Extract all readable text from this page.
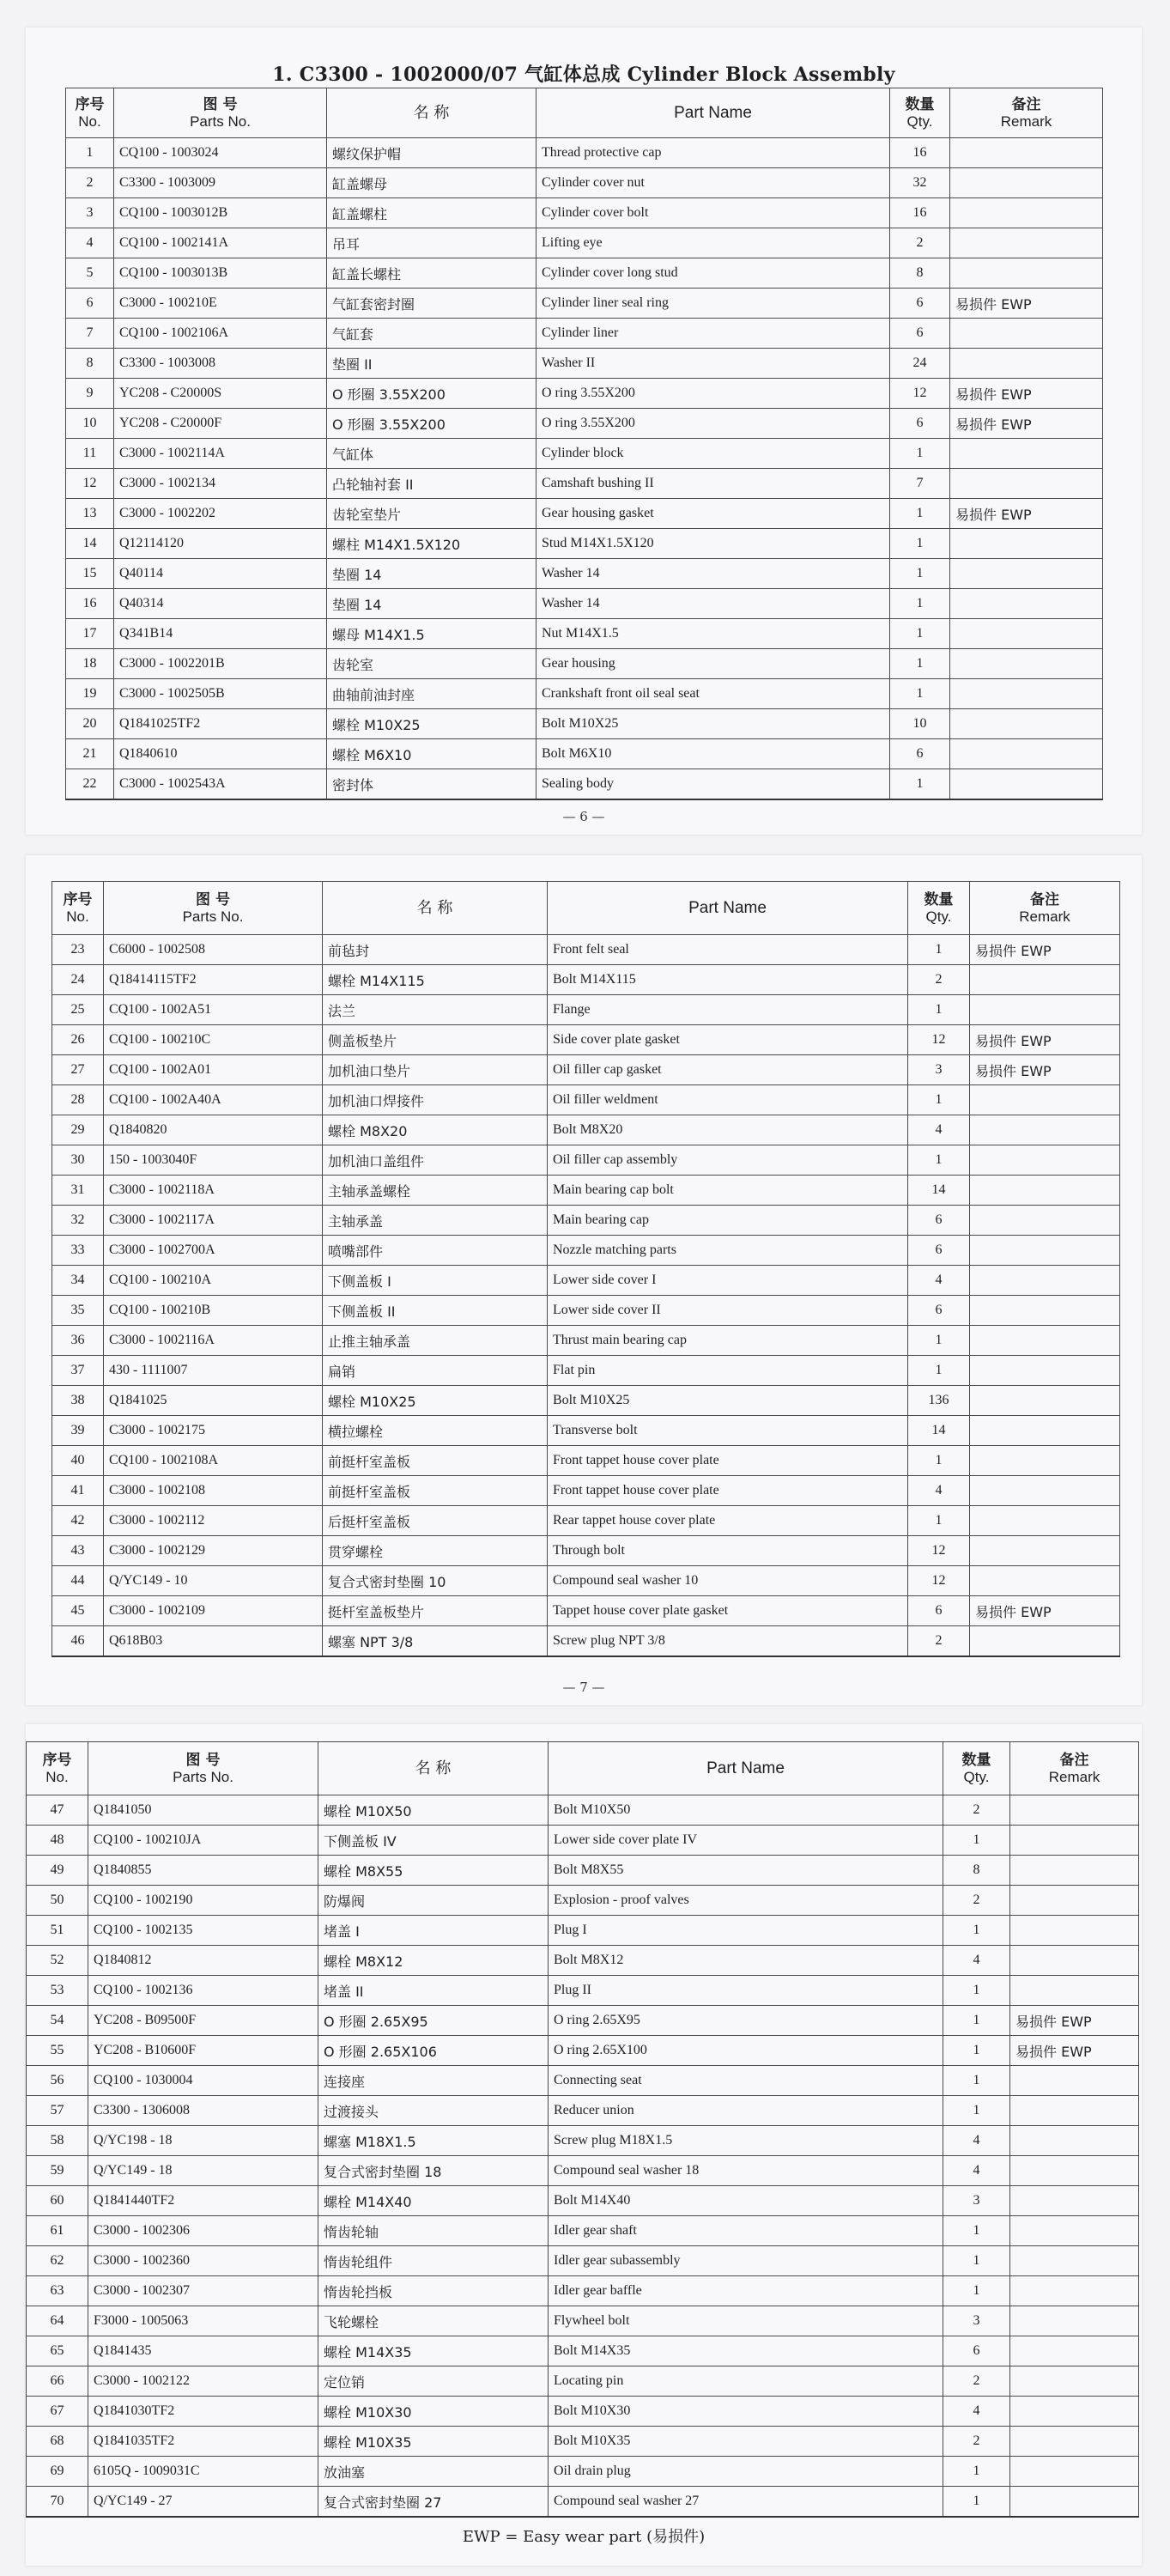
1. C3300 - 1002000/07 气缸体总成 Cylinder Block Assembly
序号
No.	图 号
Parts No.	名 称	Part Name	数量
Qty.	备注
Remark

1	CQ100 - 1003024	螺纹保护帽	Thread protective cap	16	
2	C3300 - 1003009	缸盖螺母	Cylinder cover nut	32	
3	CQ100 - 1003012B	缸盖螺柱	Cylinder cover bolt	16	
4	CQ100 - 1002141A	吊耳	Lifting eye	2	
5	CQ100 - 1003013B	缸盖长螺柱	Cylinder cover long stud	8	
6	C3000 - 100210E	气缸套密封圈	Cylinder liner seal ring	6	易损件 EWP
7	CQ100 - 1002106A	气缸套	Cylinder liner	6	
8	C3300 - 1003008	垫圈 II	Washer II	24	
9	YC208 - C20000S	O 形圈 3.55X200	O ring 3.55X200	12	易损件 EWP
10	YC208 - C20000F	O 形圈 3.55X200	O ring 3.55X200	6	易损件 EWP
11	C3000 - 1002114A	气缸体	Cylinder block	1	
12	C3000 - 1002134	凸轮轴衬套 II	Camshaft bushing II	7	
13	C3000 - 1002202	齿轮室垫片	Gear housing gasket	1	易损件 EWP
14	Q12114120	螺柱 M14X1.5X120	Stud M14X1.5X120	1	
15	Q40114	垫圈 14	Washer 14	1	
16	Q40314	垫圈 14	Washer 14	1	
17	Q341B14	螺母 M14X1.5	Nut M14X1.5	1	
18	C3000 - 1002201B	齿轮室	Gear housing	1	
19	C3000 - 1002505B	曲轴前油封座	Crankshaft front oil seal seat	1	
20	Q1841025TF2	螺栓 M10X25	Bolt M10X25	10	
21	Q1840610	螺栓 M6X10	Bolt M6X10	6	
22	C3000 - 1002543A	密封体	Sealing body	1	
— 6 —
序号
No.	图 号
Parts No.	名 称	Part Name	数量
Qty.	备注
Remark

23	C6000 - 1002508	前毡封	Front felt seal	1	易损件 EWP
24	Q18414115TF2	螺栓 M14X115	Bolt M14X115	2	
25	CQ100 - 1002A51	法兰	Flange	1	
26	CQ100 - 100210C	侧盖板垫片	Side cover plate gasket	12	易损件 EWP
27	CQ100 - 1002A01	加机油口垫片	Oil filler cap gasket	3	易损件 EWP
28	CQ100 - 1002A40A	加机油口焊接件	Oil filler weldment	1	
29	Q1840820	螺栓 M8X20	Bolt M8X20	4	
30	150 - 1003040F	加机油口盖组件	Oil filler cap assembly	1	
31	C3000 - 1002118A	主轴承盖螺栓	Main bearing cap bolt	14	
32	C3000 - 1002117A	主轴承盖	Main bearing cap	6	
33	C3000 - 1002700A	喷嘴部件	Nozzle matching parts	6	
34	CQ100 - 100210A	下侧盖板 I	Lower side cover I	4	
35	CQ100 - 100210B	下侧盖板 II	Lower side cover II	6	
36	C3000 - 1002116A	止推主轴承盖	Thrust main bearing cap	1	
37	430 - 1111007	扁销	Flat pin	1	
38	Q1841025	螺栓 M10X25	Bolt M10X25	136	
39	C3000 - 1002175	横拉螺栓	Transverse bolt	14	
40	CQ100 - 1002108A	前挺杆室盖板	Front tappet house cover plate	1	
41	C3000 - 1002108	前挺杆室盖板	Front tappet house cover plate	4	
42	C3000 - 1002112	后挺杆室盖板	Rear tappet house cover plate	1	
43	C3000 - 1002129	贯穿螺栓	Through bolt	12	
44	Q/YC149 - 10	复合式密封垫圈 10	Compound seal washer 10	12	
45	C3000 - 1002109	挺杆室盖板垫片	Tappet house cover plate gasket	6	易损件 EWP
46	Q618B03	螺塞 NPT 3/8	Screw plug NPT 3/8	2	
— 7 —
序号
No.	图 号
Parts No.	名 称	Part Name	数量
Qty.	备注
Remark

47	Q1841050	螺栓 M10X50	Bolt M10X50	2	
48	CQ100 - 100210JA	下侧盖板 IV	Lower side cover plate IV	1	
49	Q1840855	螺栓 M8X55	Bolt M8X55	8	
50	CQ100 - 1002190	防爆阀	Explosion - proof valves	2	
51	CQ100 - 1002135	堵盖 I	Plug I	1	
52	Q1840812	螺栓 M8X12	Bolt M8X12	4	
53	CQ100 - 1002136	堵盖 II	Plug II	1	
54	YC208 - B09500F	O 形圈 2.65X95	O ring 2.65X95	1	易损件 EWP
55	YC208 - B10600F	O 形圈 2.65X106	O ring 2.65X100	1	易损件 EWP
56	CQ100 - 1030004	连接座	Connecting seat	1	
57	C3300 - 1306008	过渡接头	Reducer union	1	
58	Q/YC198 - 18	螺塞 M18X1.5	Screw plug M18X1.5	4	
59	Q/YC149 - 18	复合式密封垫圈 18	Compound seal washer 18	4	
60	Q1841440TF2	螺栓 M14X40	Bolt M14X40	3	
61	C3000 - 1002306	惰齿轮轴	Idler gear shaft	1	
62	C3000 - 1002360	惰齿轮组件	Idler gear subassembly	1	
63	C3000 - 1002307	惰齿轮挡板	Idler gear baffle	1	
64	F3000 - 1005063	飞轮螺栓	Flywheel bolt	3	
65	Q1841435	螺栓 M14X35	Bolt M14X35	6	
66	C3000 - 1002122	定位销	Locating pin	2	
67	Q1841030TF2	螺栓 M10X30	Bolt M10X30	4	
68	Q1841035TF2	螺栓 M10X35	Bolt M10X35	2	
69	6105Q - 1009031C	放油塞	Oil drain plug	1	
70	Q/YC149 - 27	复合式密封垫圈 27	Compound seal washer 27	1	
EWP = Easy wear part (易损件)
